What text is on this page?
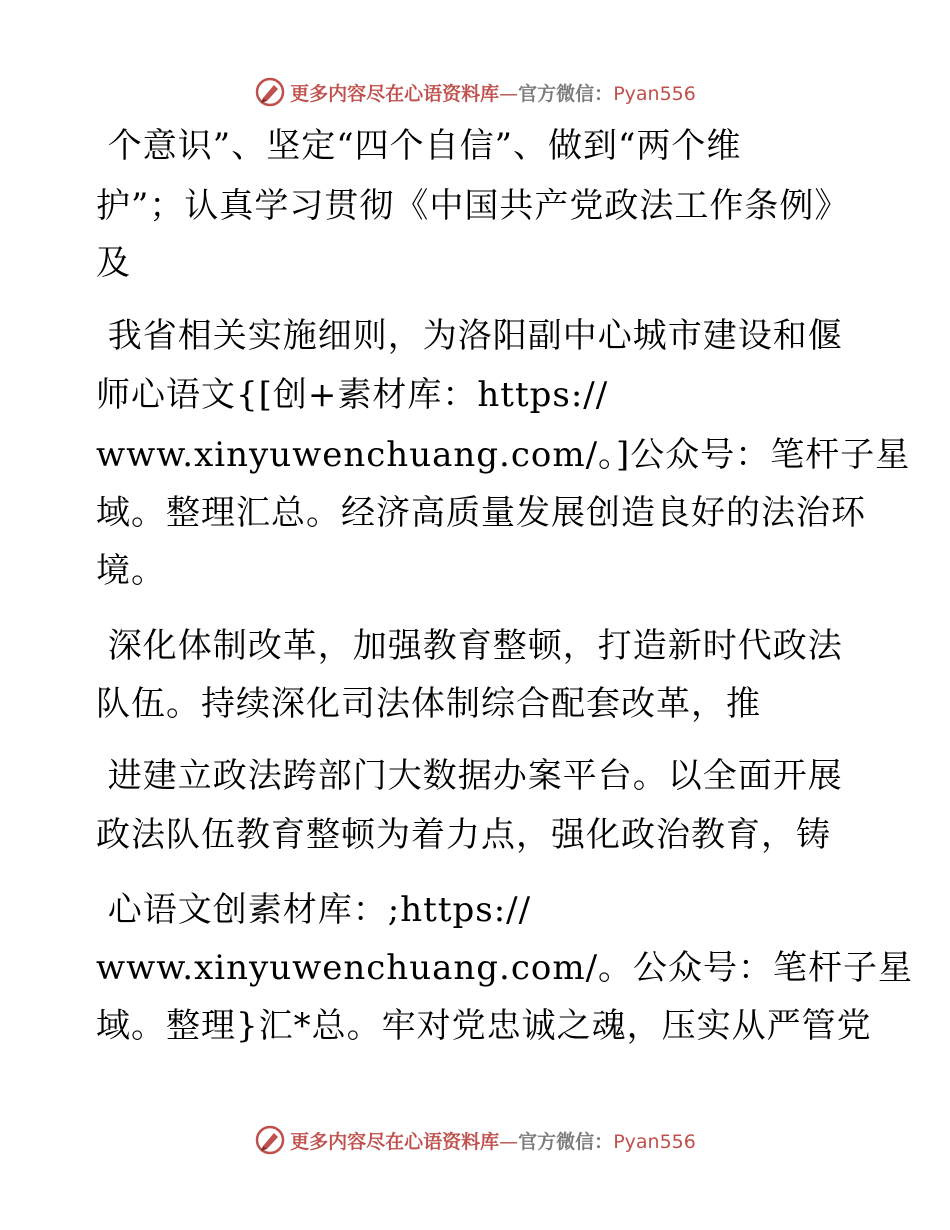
更多内容尽在心语资料库—官方微信：Pyan556
个意识”、坚定“四个自信”、做到“两个维
护”；认真学习贯彻《中国共产党政法工作条例》
及
我省相关实施细则，为洛阳副中心城市建设和偃
师心语文{[创+素材库：https://
www.xinyuwenchuang.com/。]公众号：笔杆子星
域。整理汇总。经济高质量发展创造良好的法治环
境。
深化体制改革，加强教育整顿，打造新时代政法
队伍。持续深化司法体制综合配套改革，推
进建立政法跨部门大数据办案平台。以全面开展
政法队伍教育整顿为着力点，强化政治教育，铸
心语文创素材库：;https://
www.xinyuwenchuang.com/。公众号：笔杆子星
域。整理}汇*总。牢对党忠诚之魂，压实从严管党
更多内容尽在心语资料库—官方微信：Pyan556
